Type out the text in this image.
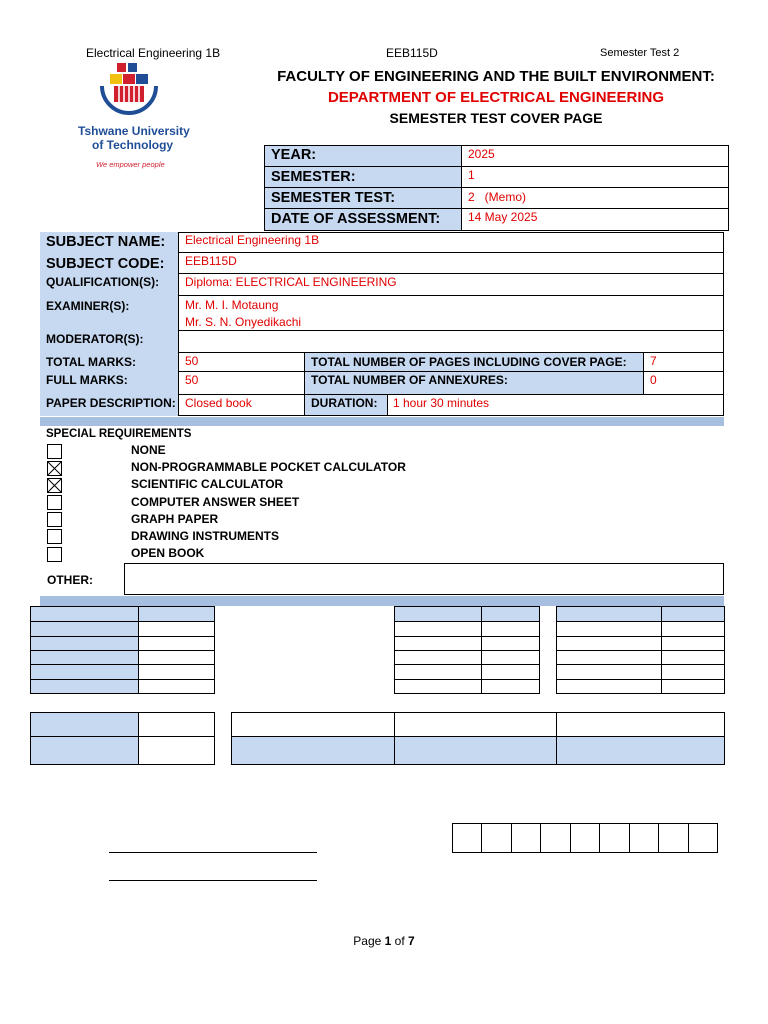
Electrical Engineering 1B	EEB115D	Semester Test 2
Tshwane University
of Technology
We empower people
FACULTY OF ENGINEERING AND THE BUILT ENVIRONMENT:
DEPARTMENT OF ELECTRICAL ENGINEERING
SEMESTER TEST COVER PAGE
YEAR:	2025
SEMESTER:	1
SEMESTER TEST:	2   (Memo)
DATE OF ASSESSMENT: 14 May 2025
SUBJECT NAME: Electrical Engineering 1B
SUBJECT CODE: EEB115D
QUALIFICATION(S): Diploma: ELECTRICAL ENGINEERING
EXAMINER(S):	Mr. M. I. Motaung
Mr. S. N. Onyedikachi
MODERATOR(S):
TOTAL MARKS:	50	TOTAL NUMBER OF PAGES INCLUDING COVER PAGE: 7
FULL MARKS:	50	TOTAL NUMBER OF ANNEXURES:	0
PAPER DESCRIPTION: Closed book	DURATION: 1 hour 30 minutes
SPECIAL REQUIREMENTS
NONE
NON-PROGRAMMABLE POCKET CALCULATOR
SCIENTIFIC CALCULATOR
COMPUTER ANSWER SHEET
GRAPH PAPER
DRAWING INSTRUMENTS
OPEN BOOK
OTHER:
Page 1 of 7
